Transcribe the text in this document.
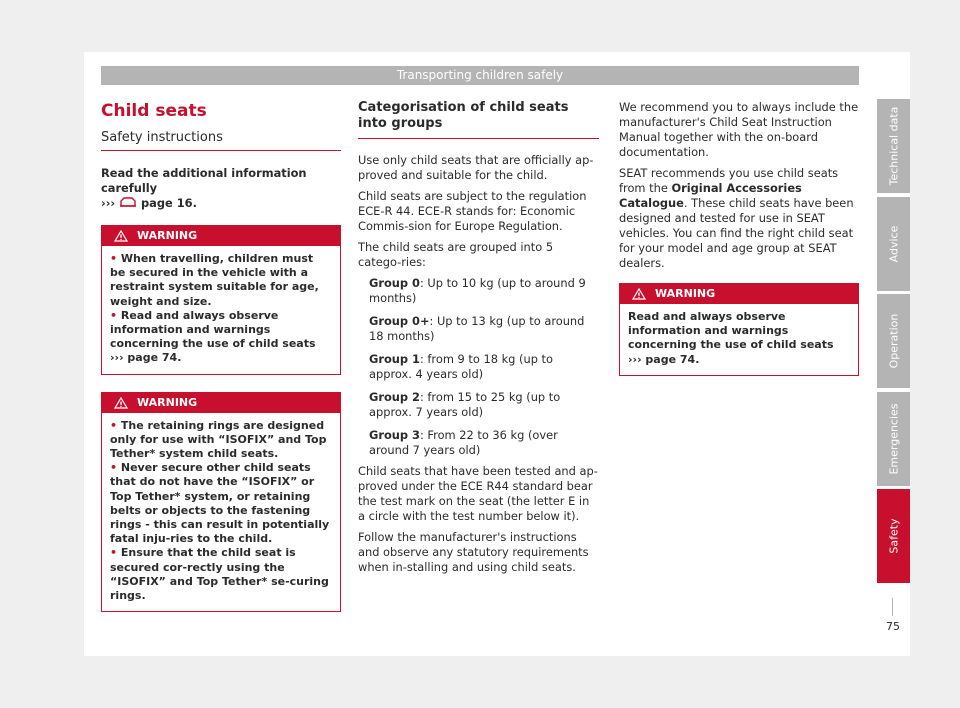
Transporting children safely
Child seats
Safety instructions
Read the additional information carefully
››› page 16.
WARNING
• When travelling, children must be secured in the vehicle with a restraint system suitable for age, weight and size.
• Read and always observe information and warnings concerning the use of child seats
››› page 74.
WARNING
• The retaining rings are designed only for use with “ISOFIX” and Top Tether* system child seats.
• Never secure other child seats that do not have the “ISOFIX” or Top Tether* system, or retaining belts or objects to the fastening rings - this can result in potentially fatal inju-ries to the child.
• Ensure that the child seat is secured cor-rectly using the “ISOFIX” and Top Tether* se-curing rings.
Categorisation of child seats into groups

Use only child seats that are officially ap-proved and suitable for the child.

Child seats are subject to the regulation ECE-R 44. ECE-R stands for: Economic Commis-sion for Europe Regulation.

The child seats are grouped into 5 catego-ries:

Group 0: Up to 10 kg (up to around 9 months)

Group 0+: Up to 13 kg (up to around 18 months)

Group 1: from 9 to 18 kg (up to approx. 4 years old)

Group 2: from 15 to 25 kg (up to approx. 7 years old)

Group 3: From 22 to 36 kg (over around 7 years old)

Child seats that have been tested and ap-proved under the ECE R44 standard bear the test mark on the seat (the letter E in a circle with the test number below it).

Follow the manufacturer's instructions and observe any statutory requirements when in-stalling and using child seats.

We recommend you to always include the manufacturer's Child Seat Instruction Manual together with the on-board documentation.

SEAT recommends you use child seats from the Original Accessories Catalogue. These child seats have been designed and tested for use in SEAT vehicles. You can find the right child seat for your model and age group at SEAT dealers.

WARNING
Read and always observe information and warnings concerning the use of child seats
››› page 74.
Technical data
Advice
Operation
Emergencies
Safety
75
